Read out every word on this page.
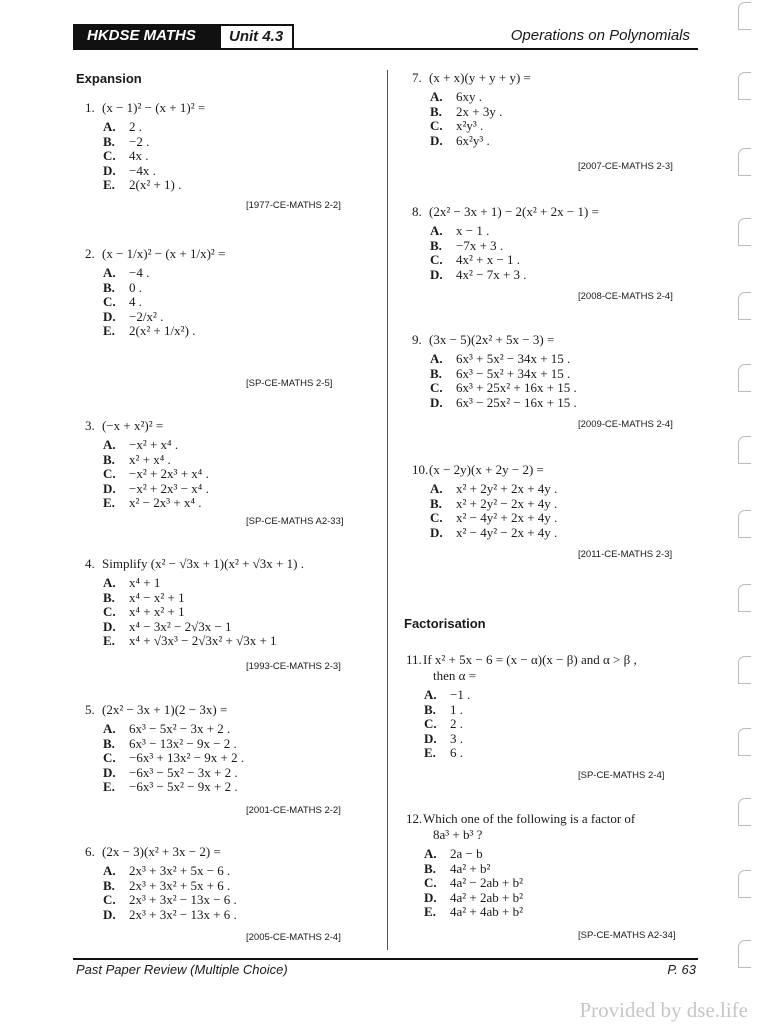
HKDSE MATHS	Unit 4.3	Operations on Polynomials
Expansion
Factorisation
1. (x − 1)² − (x + 1)² =
A. 2 .
B. −2 .
C. 4x .
D. −4x .
E. 2(x² + 1) .
[1977-CE-MATHS 2-2]
2. (x − 1/x)² − (x + 1/x)² =
A. −4 .
B. 0 .
C. 4 .
D. −2/x² .
E. 2(x² + 1/x²) .
[SP-CE-MATHS 2-5]
3. (−x + x²)² =
A. −x² + x⁴ .
B. x² + x⁴ .
C. −x² + 2x³ + x⁴ .
D. −x² + 2x³ − x⁴ .
E. x² − 2x³ + x⁴ .
[SP-CE-MATHS A2-33]
4. Simplify (x² − √3x + 1)(x² + √3x + 1) .
A. x⁴ + 1
B. x⁴ − x² + 1
C. x⁴ + x² + 1
D. x⁴ − 3x² − 2√3x − 1
E. x⁴ + √3x³ − 2√3x² + √3x + 1
[1993-CE-MATHS 2-3]
5. (2x² − 3x + 1)(2 − 3x) =
A. 6x³ − 5x² − 3x + 2 .
B. 6x³ − 13x² − 9x − 2 .
C. −6x³ + 13x² − 9x + 2 .
D. −6x³ − 5x² − 3x + 2 .
E. −6x³ − 5x² − 9x + 2 .
[2001-CE-MATHS 2-2]
6. (2x − 3)(x² + 3x − 2) =
A. 2x³ + 3x² + 5x − 6 .
B. 2x³ + 3x² + 5x + 6 .
C. 2x³ + 3x² − 13x − 6 .
D. 2x³ + 3x² − 13x + 6 .
[2005-CE-MATHS 2-4]
7. (x + x)(y + y + y) =
A. 6xy .
B. 2x + 3y .
C. x²y³ .
D. 6x²y³ .
[2007-CE-MATHS 2-3]
8. (2x² − 3x + 1) − 2(x² + 2x − 1) =
A. x − 1 .
B. −7x + 3 .
C. 4x² + x − 1 .
D. 4x² − 7x + 3 .
[2008-CE-MATHS 2-4]
9. (3x − 5)(2x² + 5x − 3) =
A. 6x³ + 5x² − 34x + 15 .
B. 6x³ − 5x² + 34x + 15 .
C. 6x³ + 25x² + 16x + 15 .
D. 6x³ − 25x² − 16x + 15 .
[2009-CE-MATHS 2-4]
10.(x − 2y)(x + 2y − 2) =
A. x² + 2y² + 2x + 4y .
B. x² + 2y² − 2x + 4y .
C. x² − 4y² + 2x + 4y .
D. x² − 4y² − 2x + 4y .
[2011-CE-MATHS 2-3]
11.If x² + 5x − 6 = (x − α)(x − β) and α > β ,
then α =
A. −1 .
B. 1 .
C. 2 .
D. 3 .
E. 6 .
[SP-CE-MATHS 2-4]
12.Which one of the following is a factor of
8a³ + b³ ?
A. 2a − b
B. 4a² + b²
C. 4a² − 2ab + b²
D. 4a² + 2ab + b²
E. 4a² + 4ab + b²
[SP-CE-MATHS A2-34]
Past Paper Review (Multiple Choice)	P. 63
Provided by dse.life
